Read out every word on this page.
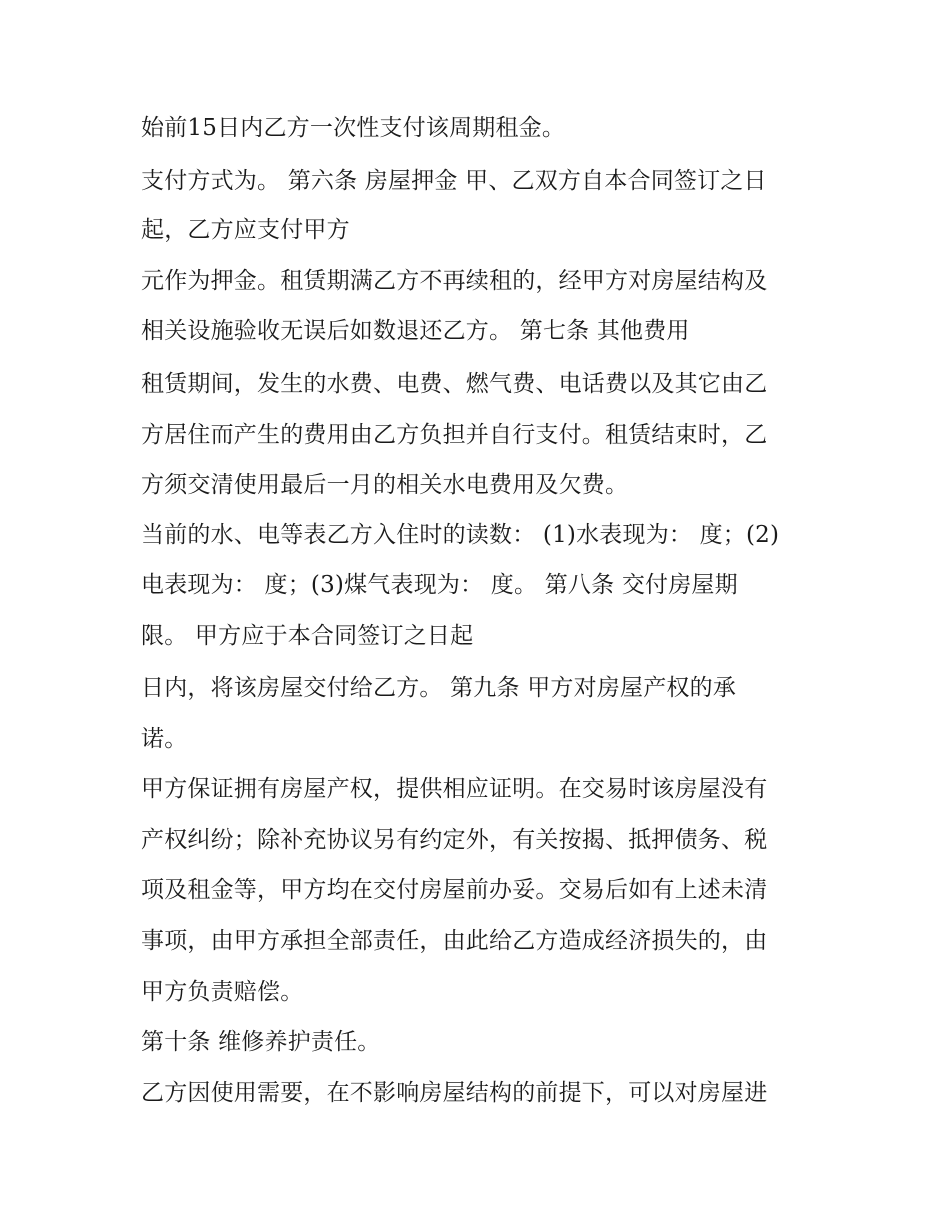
始前15日内乙方一次性支付该周期租金。
支付方式为。 第六条 房屋押金 甲、乙双方自本合同签订之日
起，乙方应支付甲方
元作为押金。租赁期满乙方不再续租的，经甲方对房屋结构及
相关设施验收无误后如数退还乙方。 第七条 其他费用
租赁期间，发生的水费、电费、燃气费、电话费以及其它由乙
方居住而产生的费用由乙方负担并自行支付。租赁结束时，乙
方须交清使用最后一月的相关水电费用及欠费。
当前的水、电等表乙方入住时的读数： (1)水表现为： 度；(2)
电表现为： 度；(3)煤气表现为： 度。 第八条 交付房屋期
限。 甲方应于本合同签订之日起
日内，将该房屋交付给乙方。 第九条 甲方对房屋产权的承
诺。
甲方保证拥有房屋产权，提供相应证明。在交易时该房屋没有
产权纠纷；除补充协议另有约定外，有关按揭、抵押债务、税
项及租金等，甲方均在交付房屋前办妥。交易后如有上述未清
事项，由甲方承担全部责任，由此给乙方造成经济损失的，由
甲方负责赔偿。
第十条 维修养护责任。
乙方因使用需要，在不影响房屋结构的前提下，可以对房屋进
